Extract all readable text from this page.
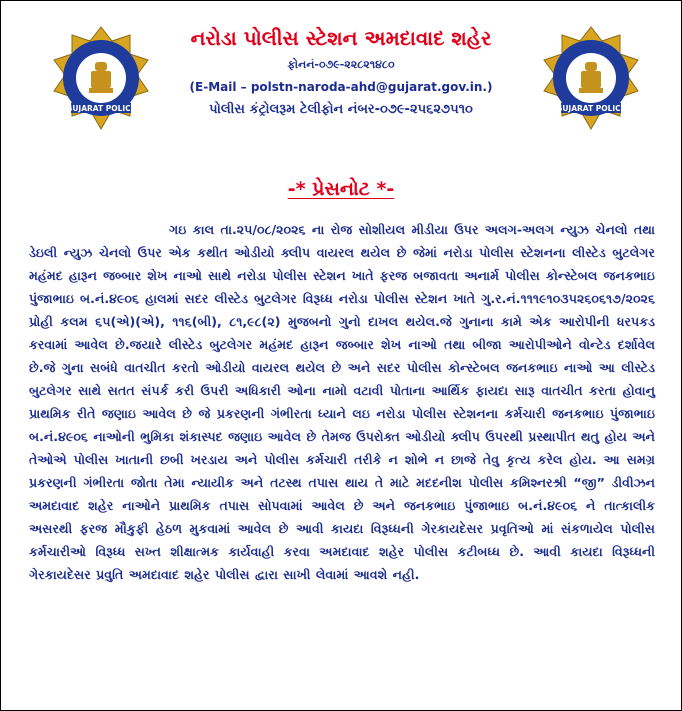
GUJARAT POLICE	GUJARAT POLICE
નરોડા પોલીસ સ્ટેશન અમદાવાદ શહેર
ફોનનં-૦૭૯-૨૨૮૨૧૪૮૦
(E-Mail – polstn-naroda-ahd@gujarat.gov.in.)
પોલીસ કંટ્રોલરૂમ ટેલીફોન નંબર-૦૭૯-૨૫૬૨૭૫૧૦
-* પ્રેસનોટ *-

ગઇ કાલ તા.૨૫/૦૮/૨૦૨૬ ના રોજ સોશીયલ મીડીયા ઉપર અલગ-અલગ ન્યુઝ ચેનલો તથા ડેઇલી ન્યુઝ ચેનલો ઉપર એક કથીત ઓડીયો ક્લીપ વાયરલ થયેલ છે જેમાં નરોડા પોલીસ સ્ટેશનના લીસ્ટેડ બુટલેગર મહંમદ હારૂન જબ્બાર શેખ નાઓ સાથે નરોડા પોલીસ સ્ટેશન ખાતે ફરજ બજાવતા અનાર્મ પોલીસ કોન્સ્ટેબલ જનકભાઇ પુંજાભાઇ બ.નં.૪૯૦૬ હાલમાં સદર લીસ્ટેડ બુટલેગર વિરૂધ્ધ નરોડા પોલીસ સ્ટેશન ખાતે ગુ.ર.નં.૧૧૧૯૧૦૩૫૨૬૦૬૧૭/૨૦૨૬ પ્રોહી કલમ ૬૫(એ)(એ), ૧૧૬(બી), ૮૧,૯૮(૨) મુજબનો ગુનો દાખલ થયેલ.જે ગુનાના કામે એક આરોપીની ધરપકડ કરવામાં આવેલ છે.જયારે લીસ્ટેડ બુટલેગર મહંમદ હારૂન જબ્બાર શેખ નાઓ તથા બીજા આરોપીઓને વોન્ટેડ દર્શાવેલ છે.જે ગુના સબંધે વાતચીત કરતો ઓડીયો વાયરલ થયેલ છે અને સદર પોલીસ કોન્સ્ટેબલ જનકભાઇ નાઓ આ લીસ્ટેડ બુટલેગર સાથે સતત સંપર્ક કરી ઉપરી અધિકારી ઓના નામો વટાવી પોતાના આર્થિક ફાયદા સારૂ વાતચીત કરતા હોવાનુ પ્રાથમિક રીતે જણાઇ આવેલ છે જે પ્રકરણની ગંભીરતા ધ્યાને લઇ નરોડા પોલીસ સ્ટેશનના કર્મચારી જનકભાઇ પુંજાભાઇ બ.નં.૪૯૦૬ નાઓની ભુમિકા શંકાસ્પદ જણાઇ આવેલ છે તેમજ ઉપરોક્ત ઓડીયો ક્લીપ ઉપરથી પ્રસ્થાપીત થતુ હોય અને તેઓએ પોલીસ ખાતાની છબી ખરડાય અને પોલીસ કર્મચારી તરીકે ન શોભે ન છાજે તેવુ કૃત્ય કરેલ હોય. આ સમગ્ર પ્રકરણની ગંભીરતા જોતા તેમા ન્યાયીક અને તટસ્થ તપાસ થાય તે માટે મદદનીશ પોલીસ કમિશ્નરશ્રી “જી” ડીવીઝન અમદાવાદ શહેર નાઓને પ્રાથમિક તપાસ સોપવામાં આવેલ છે અને જનકભાઇ પુંજાભાઇ બ.નં.૪૯૦૬ ને તાત્કાલીક અસરથી ફરજ મૌકુફી હેઠળ મુકવામાં આવેલ છે આવી કાયદા વિરૂધ્ધની ગેરકાયદેસર પ્રવૃતિઓ માં સંકળાયેલ પોલીસ કર્મચારીઓ વિરૂધ્ધ સખ્ત શીક્ષાત્મક કાર્યવાહી કરવા અમદાવાદ શહેર પોલીસ કટીબધ્ધ છે. આવી કાયદા વિરૂધ્ધની ગેરકાયદેસર પ્રવુતિ અમદાવાદ શહેર પોલીસ દ્વારા સાખી લેવામાં આવશે નહી.
